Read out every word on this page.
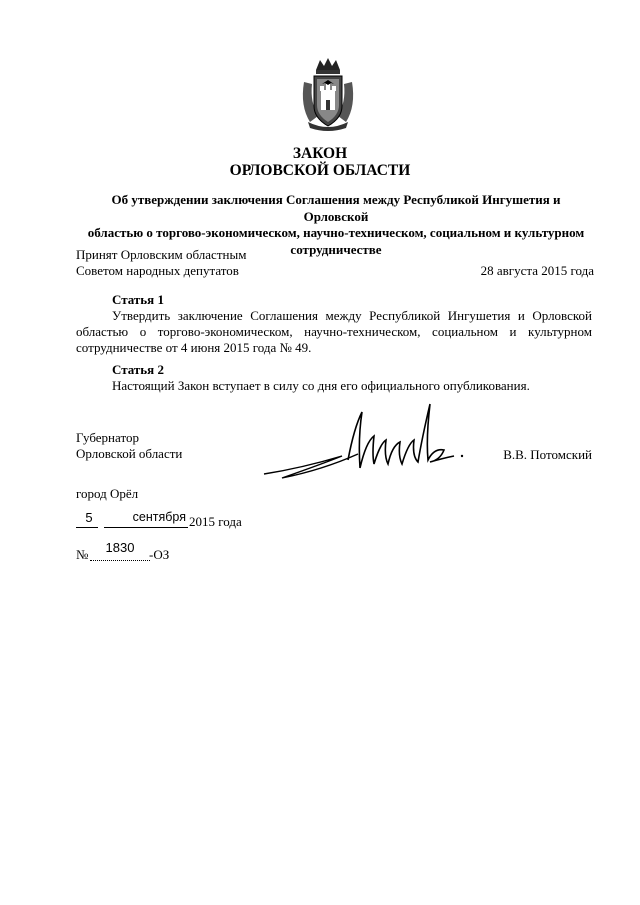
ЗАКОН
ОРЛОВСКОЙ ОБЛАСТИ
Об утверждении заключения Соглашения между Республикой Ингушетия и Орловской
областью о торгово-экономическом, научно-техническом, социальном и культурном
сотрудничестве
Принят Орловским областным
Советом народных депутатов	28 августа 2015 года
Статья 1
Утвердить заключение Соглашения между Республикой Ингушетия и Орловской
областью о торгово-экономическом, научно-техническом, социальном и культурном
сотрудничестве от 4 июня 2015 года № 49.
Статья 2
Настоящий Закон вступает в силу со дня его официального опубликования.
Губернатор
Орловской области	В.В. Потомский
город Орёл
5	сентября 2015 года
№	1830	-ОЗ
